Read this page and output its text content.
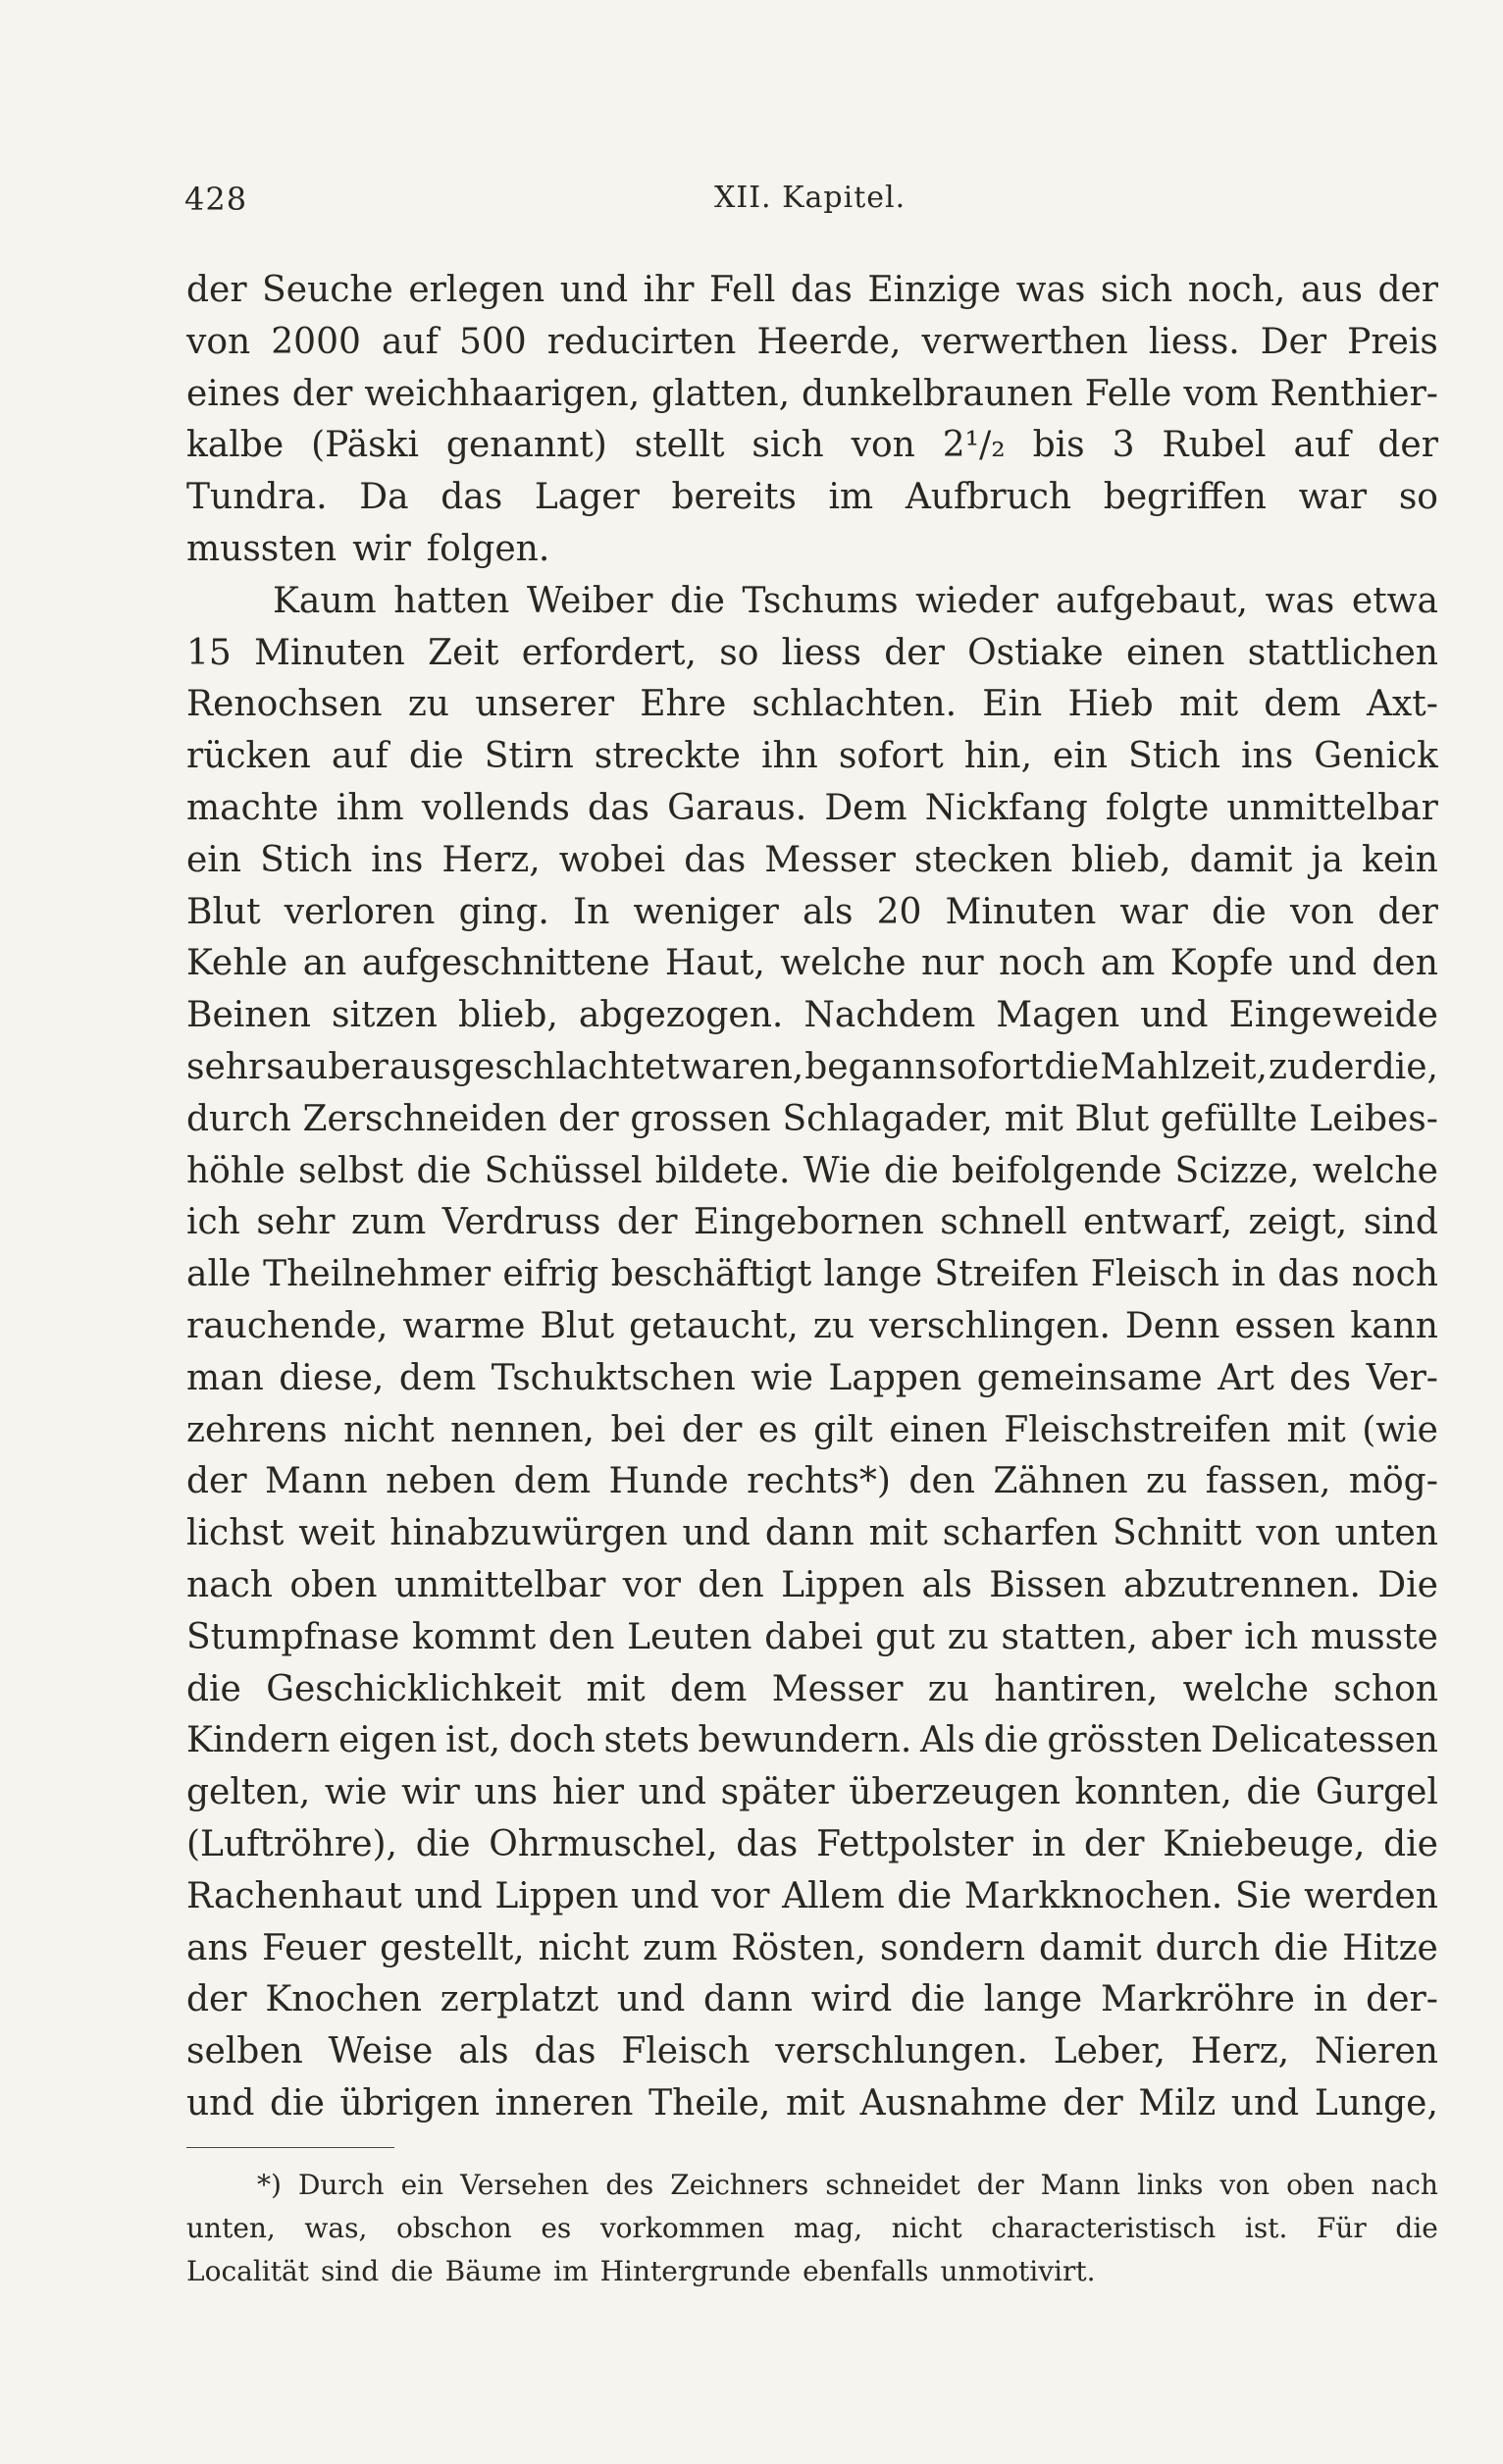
428	XII. Kapitel.
der Seuche erlegen und ihr Fell das Einzige was sich noch, aus der
von 2000 auf 500 reducirten Heerde, verwerthen liess. Der Preis
eines der weichhaarigen, glatten, dunkelbraunen Felle vom Renthier-
kalbe (Päski genannt) stellt sich von 2¹/₂ bis 3 Rubel auf der
Tundra. Da das Lager bereits im Aufbruch begriffen war so
mussten wir folgen.
Kaum hatten Weiber die Tschums wieder aufgebaut, was etwa
15 Minuten Zeit erfordert, so liess der Ostiake einen stattlichen
Renochsen zu unserer Ehre schlachten. Ein Hieb mit dem Axt-
rücken auf die Stirn streckte ihn sofort hin, ein Stich ins Genick
machte ihm vollends das Garaus. Dem Nickfang folgte unmittelbar
ein Stich ins Herz, wobei das Messer stecken blieb, damit ja kein
Blut verloren ging. In weniger als 20 Minuten war die von der
Kehle an aufgeschnittene Haut, welche nur noch am Kopfe und den
Beinen sitzen blieb, abgezogen. Nachdem Magen und Eingeweide
sehr sauber ausgeschlachtet waren, begann sofort die Mahlzeit, zu der die,
durch Zerschneiden der grossen Schlagader, mit Blut gefüllte Leibes-
höhle selbst die Schüssel bildete. Wie die beifolgende Scizze, welche
ich sehr zum Verdruss der Eingebornen schnell entwarf, zeigt, sind
alle Theilnehmer eifrig beschäftigt lange Streifen Fleisch in das noch
rauchende, warme Blut getaucht, zu verschlingen. Denn essen kann
man diese, dem Tschuktschen wie Lappen gemeinsame Art des Ver-
zehrens nicht nennen, bei der es gilt einen Fleischstreifen mit (wie
der Mann neben dem Hunde rechts*) den Zähnen zu fassen, mög-
lichst weit hinabzuwürgen und dann mit scharfen Schnitt von unten
nach oben unmittelbar vor den Lippen als Bissen abzutrennen. Die
Stumpfnase kommt den Leuten dabei gut zu statten, aber ich musste
die Geschicklichkeit mit dem Messer zu hantiren, welche schon
Kindern eigen ist, doch stets bewundern. Als die grössten Delicatessen
gelten, wie wir uns hier und später überzeugen konnten, die Gurgel
(Luftröhre), die Ohrmuschel, das Fettpolster in der Kniebeuge, die
Rachenhaut und Lippen und vor Allem die Markknochen. Sie werden
ans Feuer gestellt, nicht zum Rösten, sondern damit durch die Hitze
der Knochen zerplatzt und dann wird die lange Markröhre in der-
selben Weise als das Fleisch verschlungen. Leber, Herz, Nieren
und die übrigen inneren Theile, mit Ausnahme der Milz und Lunge,
*) Durch ein Versehen des Zeichners schneidet der Mann links von oben nach
unten, was, obschon es vorkommen mag, nicht characteristisch ist. Für die
Localität sind die Bäume im Hintergrunde ebenfalls unmotivirt.
